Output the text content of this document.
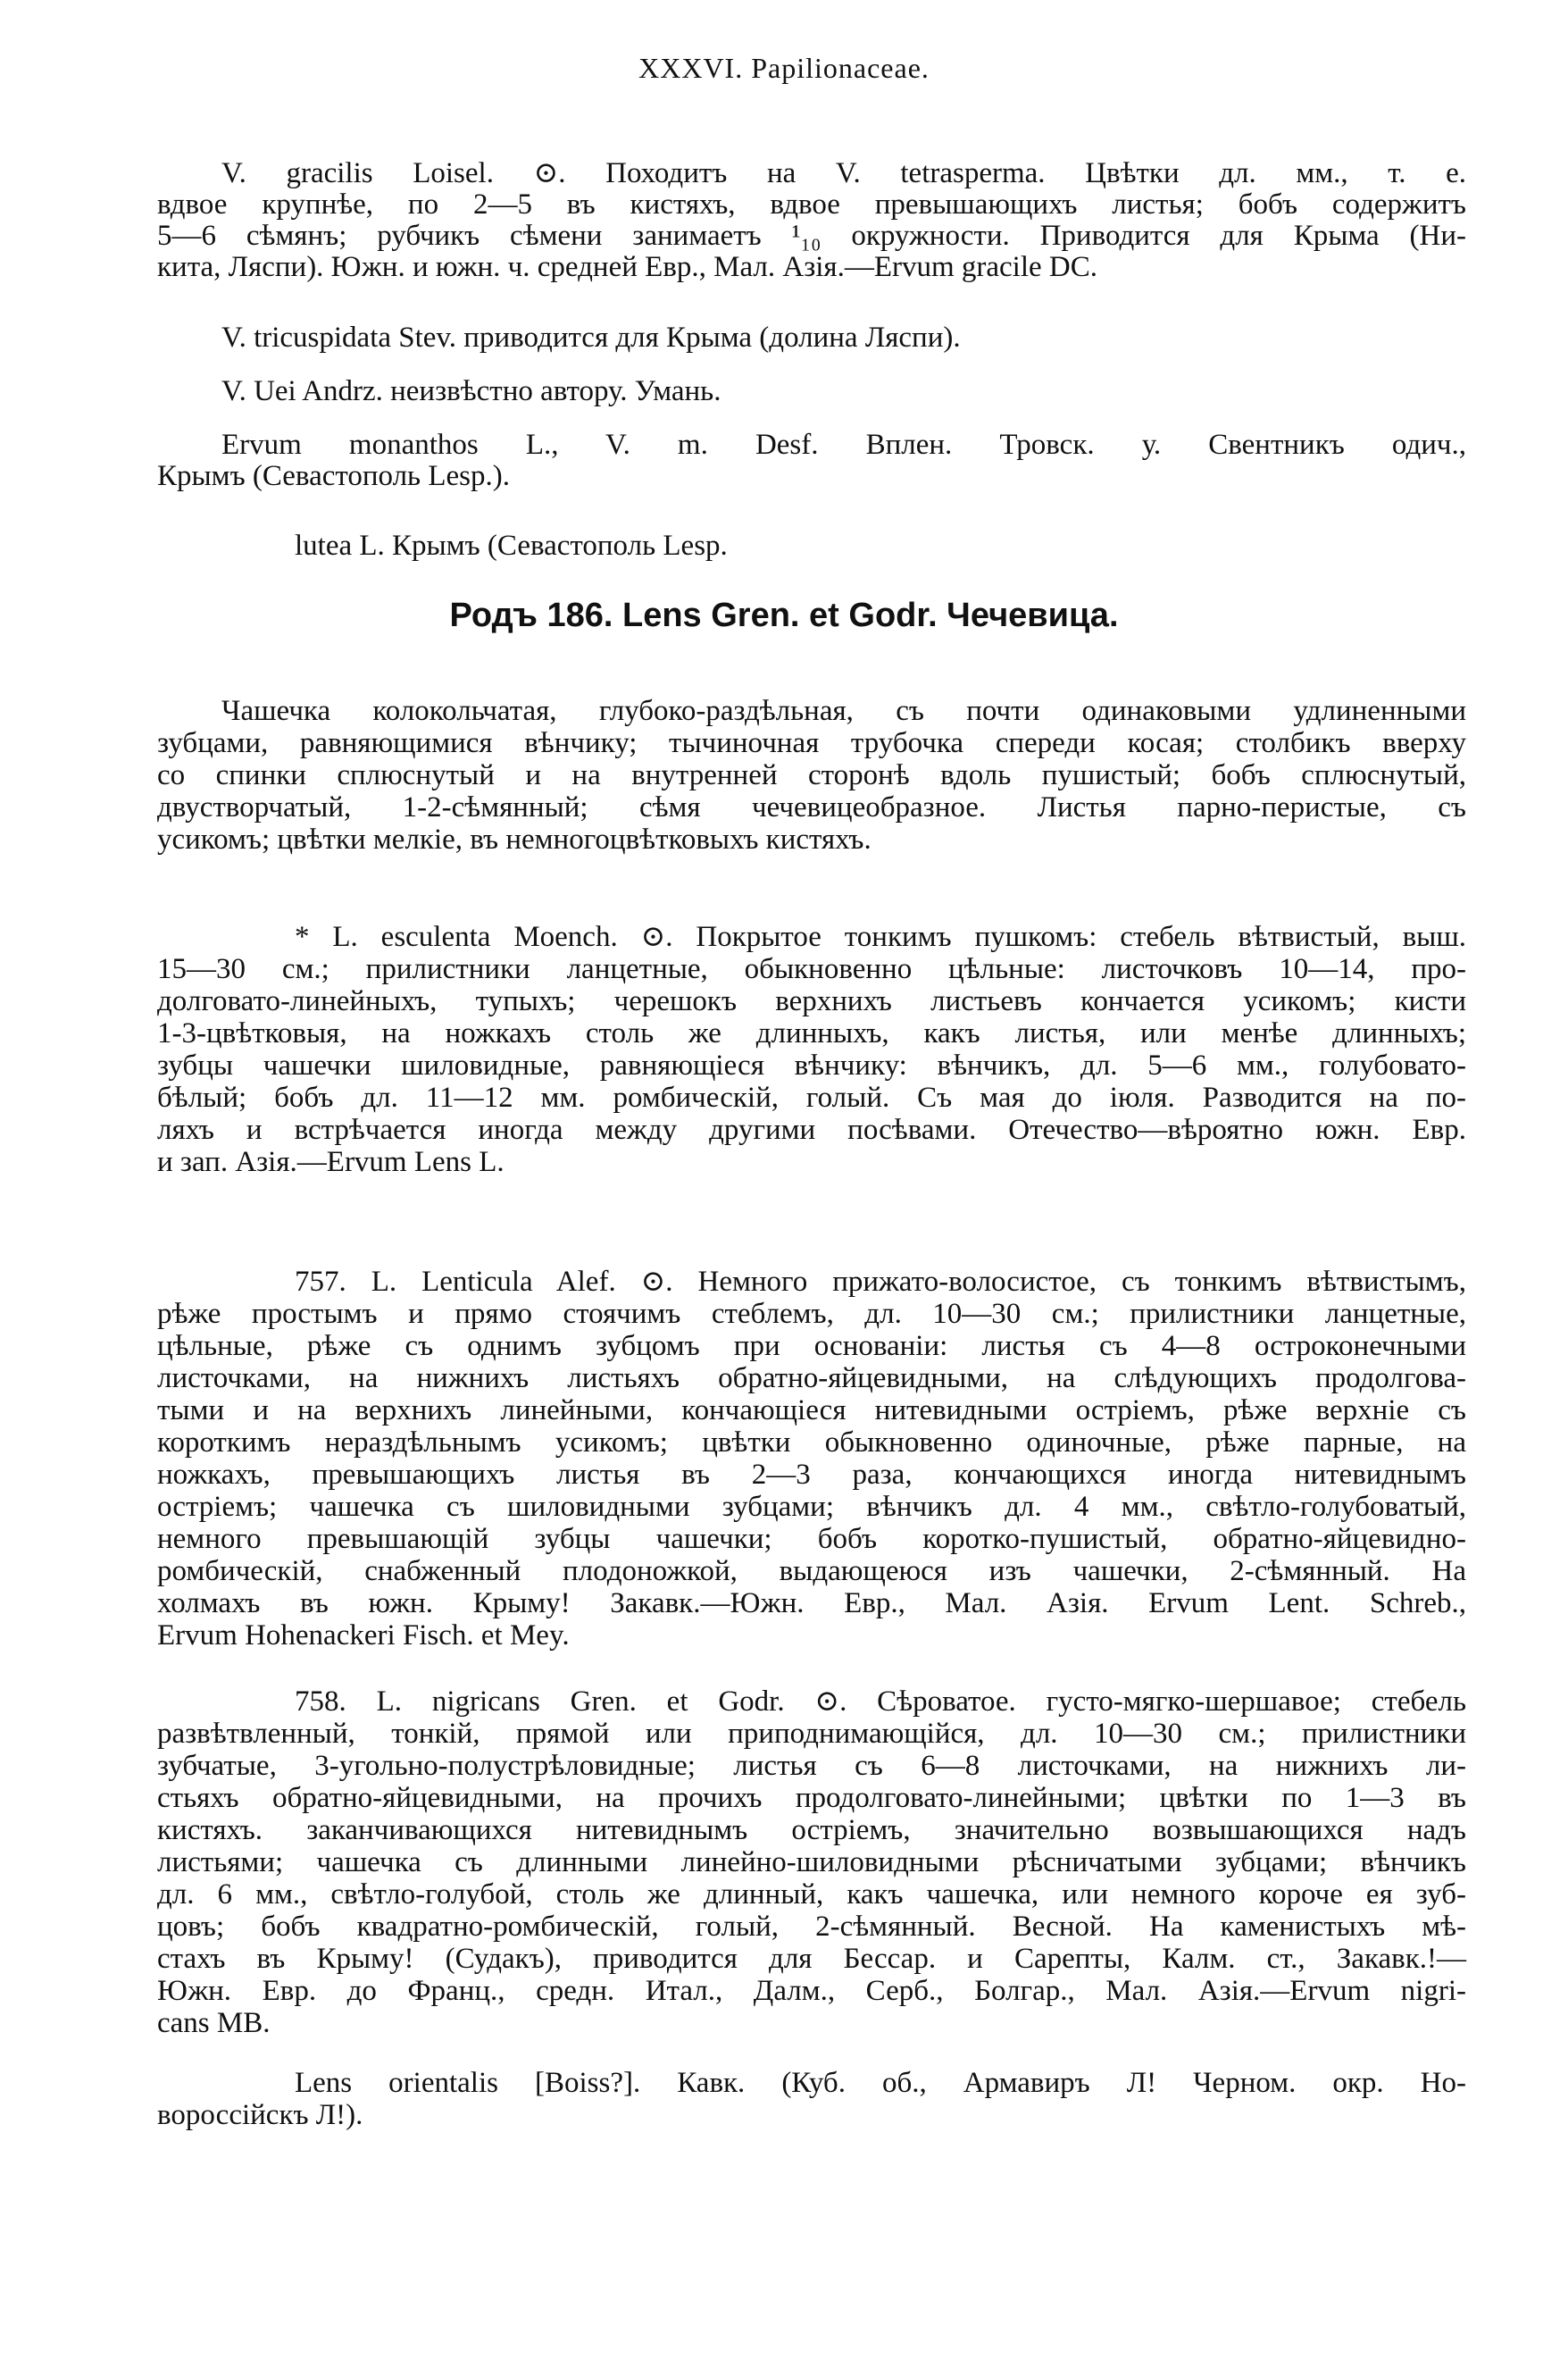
XXXVI. Papilionaceae.
V. gracilis Loisel. ⊙. Походитъ на V. tetrasperma. Цвѣтки дл. мм., т. е.
вдвое крупнѣе, по 2—5 въ кистяхъ, вдвое превышающихъ листья; бобъ содержитъ
5—6 сѣмянъ; рубчикъ сѣмени занимаетъ ¹₁₀ окружности. Приводится для Крыма (Ни-
кита, Ляспи). Южн. и южн. ч. средней Евр., Мал. Азія.—Ervum gracile DC.
V. tricuspidata Stev. приводится для Крыма (долина Ляспи).
V. Uei Andrz. неизвѣстно автору. Умань.
Ervum monanthos L., V. m. Desf. Вплен. Тровск. у. Свентникъ одич.,
Крымъ (Севастополь Lesp.).
lutea L. Крымъ (Севастополь Lesp.
Чашечка колокольчатая, глубоко-раздѣльная, съ почти одинаковыми удлиненными
зубцами, равняющимися вѣнчику; тычиночная трубочка спереди косая; столбикъ вверху
со спинки сплюснутый и на внутренней сторонѣ вдоль пушистый; бобъ сплюснутый,
двустворчатый, 1-2-сѣмянный; сѣмя чечевицеобразное. Листья парно-перистые, съ
усикомъ; цвѣтки мелкіе, въ немногоцвѣтковыхъ кистяхъ.
* L. esculenta Moench. ⊙. Покрытое тонкимъ пушкомъ: стебель вѣтвистый, выш.
15—30 см.; прилистники ланцетные, обыкновенно цѣльные: листочковъ 10—14, про-
долговато-линейныхъ, тупыхъ; черешокъ верхнихъ листьевъ кончается усикомъ; кисти
1-3-цвѣтковыя, на ножкахъ столь же длинныхъ, какъ листья, или менѣе длинныхъ;
зубцы чашечки шиловидные, равняющіеся вѣнчику: вѣнчикъ, дл. 5—6 мм., голубовато-
бѣлый; бобъ дл. 11—12 мм. ромбическій, голый. Съ мая до іюля. Разводится на по-
ляхъ и встрѣчается иногда между другими посѣвами. Отечество—вѣроятно южн. Евр.
и зап. Азія.—Ervum Lens L.
757. L. Lenticula Alef. ⊙. Немного прижато-волосистое, съ тонкимъ вѣтвистымъ,
рѣже простымъ и прямо стоячимъ стеблемъ, дл. 10—30 см.; прилистники ланцетные,
цѣльные, рѣже съ однимъ зубцомъ при основаніи: листья съ 4—8 остроконечными
листочками, на нижнихъ листьяхъ обратно-яйцевидными, на слѣдующихъ продолгова-
тыми и на верхнихъ линейными, кончающіеся нитевидными остріемъ, рѣже верхніе съ
короткимъ нераздѣльнымъ усикомъ; цвѣтки обыкновенно одиночные, рѣже парные, на
ножкахъ, превышающихъ листья въ 2—3 раза, кончающихся иногда нитевиднымъ
остріемъ; чашечка съ шиловидными зубцами; вѣнчикъ дл. 4 мм., свѣтло-голубоватый,
немного превышающій зубцы чашечки; бобъ коротко-пушистый, обратно-яйцевидно-
ромбическій, снабженный плодоножкой, выдающеюся изъ чашечки, 2-сѣмянный. На
холмахъ въ южн. Крыму! Закавк.—Южн. Евр., Мал. Азія. Ervum Lent. Schreb.,
Ervum Hohenackeri Fisch. et Mey.
758. L. nigricans Gren. et Godr. ⊙. Сѣроватое. густо-мягко-шершавое; стебель
развѣтвленный, тонкій, прямой или приподнимающійся, дл. 10—30 см.; прилистники
зубчатые, 3-угольно-полустрѣловидные; листья съ 6—8 листочками, на нижнихъ ли-
стьяхъ обратно-яйцевидными, на прочихъ продолговато-линейными; цвѣтки по 1—3 въ
кистяхъ. заканчивающихся нитевиднымъ остріемъ, значительно возвышающихся надъ
листьями; чашечка съ длинными линейно-шиловидными рѣсничатыми зубцами; вѣнчикъ
дл. 6 мм., свѣтло-голубой, столь же длинный, какъ чашечка, или немного короче ея зуб-
цовъ; бобъ квадратно-ромбическій, голый, 2-сѣмянный. Весной. На каменистыхъ мѣ-
стахъ въ Крыму! (Судакъ), приводится для Бессар. и Сарепты, Калм. ст., Закавк.!—
Южн. Евр. до Франц., средн. Итал., Далм., Серб., Болгар., Мал. Азія.—Ervum nigri-
cans MB.
Lens orientalis [Boiss?]. Кавк. (Куб. об., Армавиръ Л! Черном. окр. Но-
вороссійскъ Л!).
Родъ 186. Lens Gren. et Godr. Чечевица.
